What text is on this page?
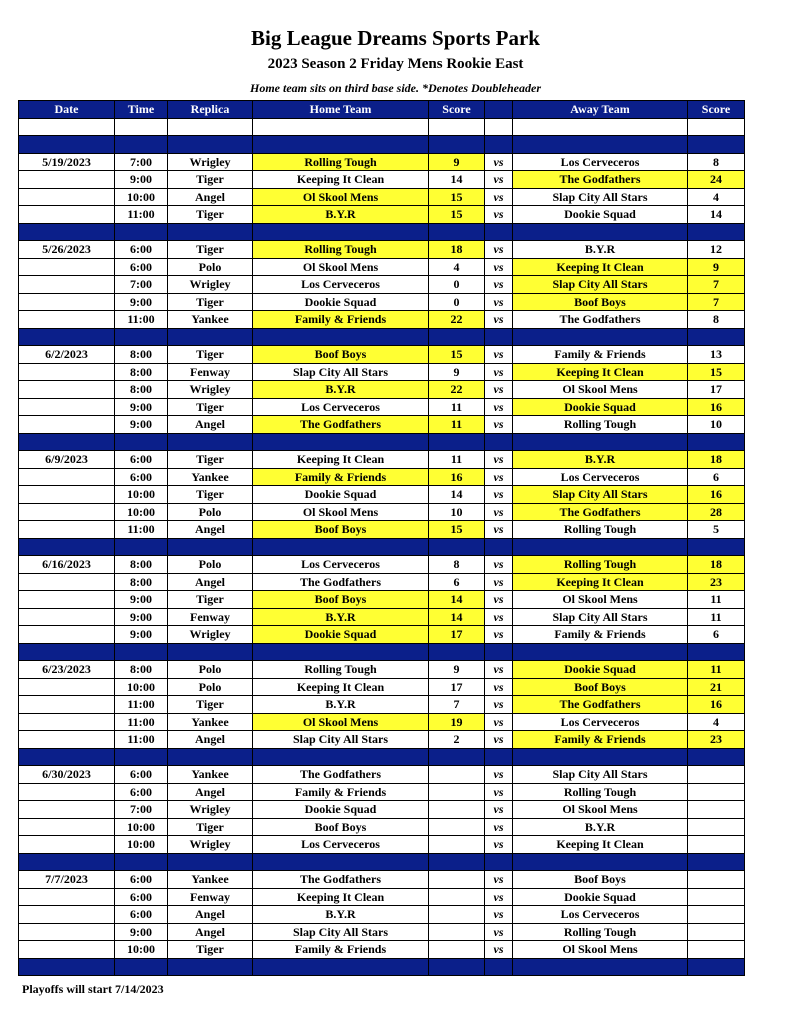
Big League Dreams Sports Park
2023 Season 2 Friday Mens Rookie East
Home team sits on third base side. *Denotes Doubleheader
Date	Time	Replica	Home Team	Score		Away Team	Score

5/19/2023	7:00	Wrigley	Rolling Tough	9	vs	Los Cerveceros	8
	9:00	Tiger	Keeping It Clean	14	vs	The Godfathers	24
	10:00	Angel	Ol Skool Mens	15	vs	Slap City All Stars	4
	11:00	Tiger	B.Y.R	15	vs	Dookie Squad	14

5/26/2023	6:00	Tiger	Rolling Tough	18	vs	B.Y.R	12
	6:00	Polo	Ol Skool Mens	4	vs	Keeping It Clean	9
	7:00	Wrigley	Los Cerveceros	0	vs	Slap City All Stars	7
	9:00	Tiger	Dookie Squad	0	vs	Boof Boys	7
	11:00	Yankee	Family & Friends	22	vs	The Godfathers	8

6/2/2023	8:00	Tiger	Boof Boys	15	vs	Family & Friends	13
	8:00	Fenway	Slap City All Stars	9	vs	Keeping It Clean	15
	8:00	Wrigley	B.Y.R	22	vs	Ol Skool Mens	17
	9:00	Tiger	Los Cerveceros	11	vs	Dookie Squad	16
	9:00	Angel	The Godfathers	11	vs	Rolling Tough	10

6/9/2023	6:00	Tiger	Keeping It Clean	11	vs	B.Y.R	18
	6:00	Yankee	Family & Friends	16	vs	Los Cerveceros	6
	10:00	Tiger	Dookie Squad	14	vs	Slap City All Stars	16
	10:00	Polo	Ol Skool Mens	10	vs	The Godfathers	28
	11:00	Angel	Boof Boys	15	vs	Rolling Tough	5

6/16/2023	8:00	Polo	Los Cerveceros	8	vs	Rolling Tough	18
	8:00	Angel	The Godfathers	6	vs	Keeping It Clean	23
	9:00	Tiger	Boof Boys	14	vs	Ol Skool Mens	11
	9:00	Fenway	B.Y.R	14	vs	Slap City All Stars	11
	9:00	Wrigley	Dookie Squad	17	vs	Family & Friends	6

6/23/2023	8:00	Polo	Rolling Tough	9	vs	Dookie Squad	11
	10:00	Polo	Keeping It Clean	17	vs	Boof Boys	21
	11:00	Tiger	B.Y.R	7	vs	The Godfathers	16
	11:00	Yankee	Ol Skool Mens	19	vs	Los Cerveceros	4
	11:00	Angel	Slap City All Stars	2	vs	Family & Friends	23

6/30/2023	6:00	Yankee	The Godfathers		vs	Slap City All Stars	
	6:00	Angel	Family & Friends		vs	Rolling Tough	
	7:00	Wrigley	Dookie Squad		vs	Ol Skool Mens	
	10:00	Tiger	Boof Boys		vs	B.Y.R	
	10:00	Wrigley	Los Cerveceros		vs	Keeping It Clean	

7/7/2023	6:00	Yankee	The Godfathers		vs	Boof Boys	
	6:00	Fenway	Keeping It Clean		vs	Dookie Squad	
	6:00	Angel	B.Y.R		vs	Los Cerveceros	
	9:00	Angel	Slap City All Stars		vs	Rolling Tough	
	10:00	Tiger	Family & Friends		vs	Ol Skool Mens	

Playoffs will start 7/14/2023
